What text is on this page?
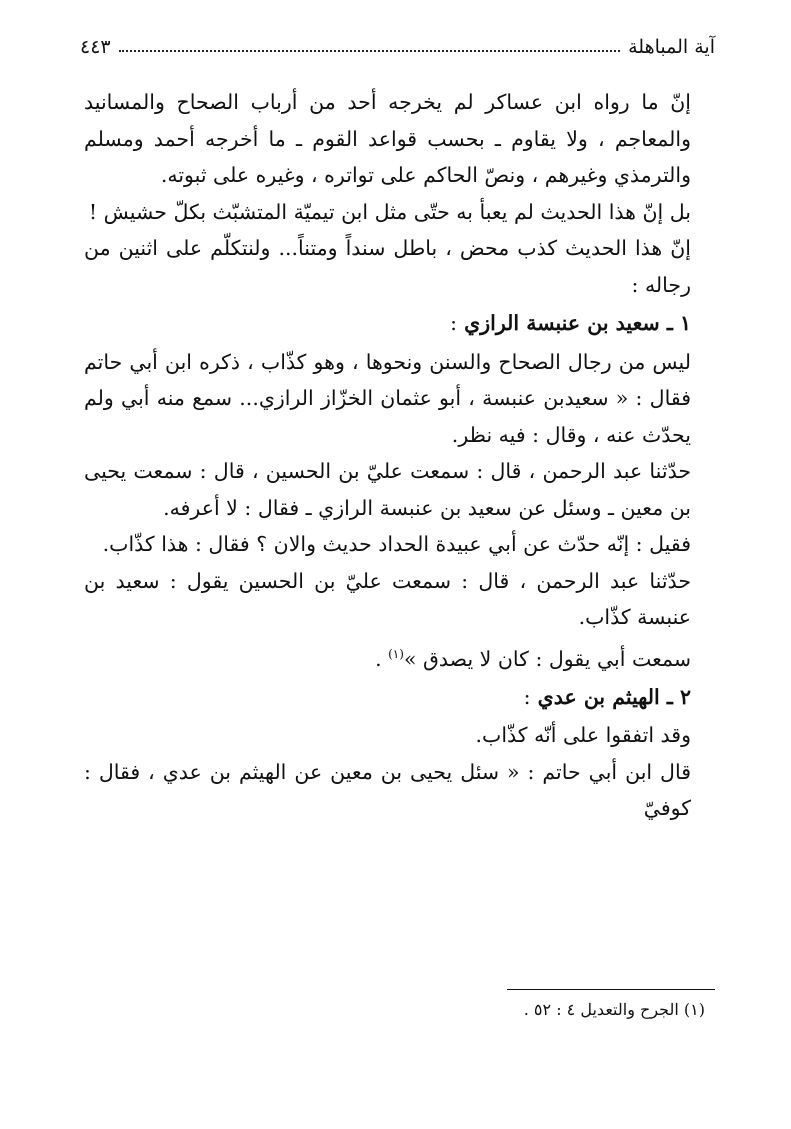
آية المباهلة
٤٤٣

إنّ ما رواه ابن عساكر لم يخرجه أحد من أرباب الصحاح والمسانيد والمعاجم ، ولا يقاوم ـ بحسب قواعد القوم ـ ما أخرجه أحمد ومسلم والترمذي وغيرهم ، ونصّ الحاكم على تواتره ، وغيره على ثبوته.

بل إنّ هذا الحديث لم يعبأ به حتّى مثل ابن تيميّة المتشبّث بكلّ حشيش !

إنّ هذا الحديث كذب محض ، باطل سنداً ومتناً... ولنتكلّم على اثنين من رجاله :

١ ـ سعيد بن عنبسة الرازي :

ليس من رجال الصحاح والسنن ونحوها ، وهو كذّاب ، ذكره ابن أبي حاتم فقال : « سعيدبن عنبسة ، أبو عثمان الخزّاز الرازي... سمع منه أبي ولم يحدّث عنه ، وقال : فيه نظر.

حدّثنا عبد الرحمن ، قال : سمعت عليّ بن الحسين ، قال : سمعت يحيى بن معين ـ وسئل عن سعيد بن عنبسة الرازي ـ فقال : لا أعرفه.

فقيل : إنّه حدّث عن أبي عبيدة الحداد حديث والان ؟ فقال : هذا كذّاب.

حدّثنا عبد الرحمن ، قال : سمعت عليّ بن الحسين يقول : سعيد بن عنبسة كذّاب.

سمعت أبي يقول : كان لا يصدق »$^{(١)}$ .

٢ ـ الهيثم بن عدي :

وقد اتفقوا على أنّه كذّاب.

قال ابن أبي حاتم : « سئل يحيى بن معين عن الهيثم بن عدي ، فقال : كوفيّ

(١) الجرح والتعديل ٤ : ٥٢ .
